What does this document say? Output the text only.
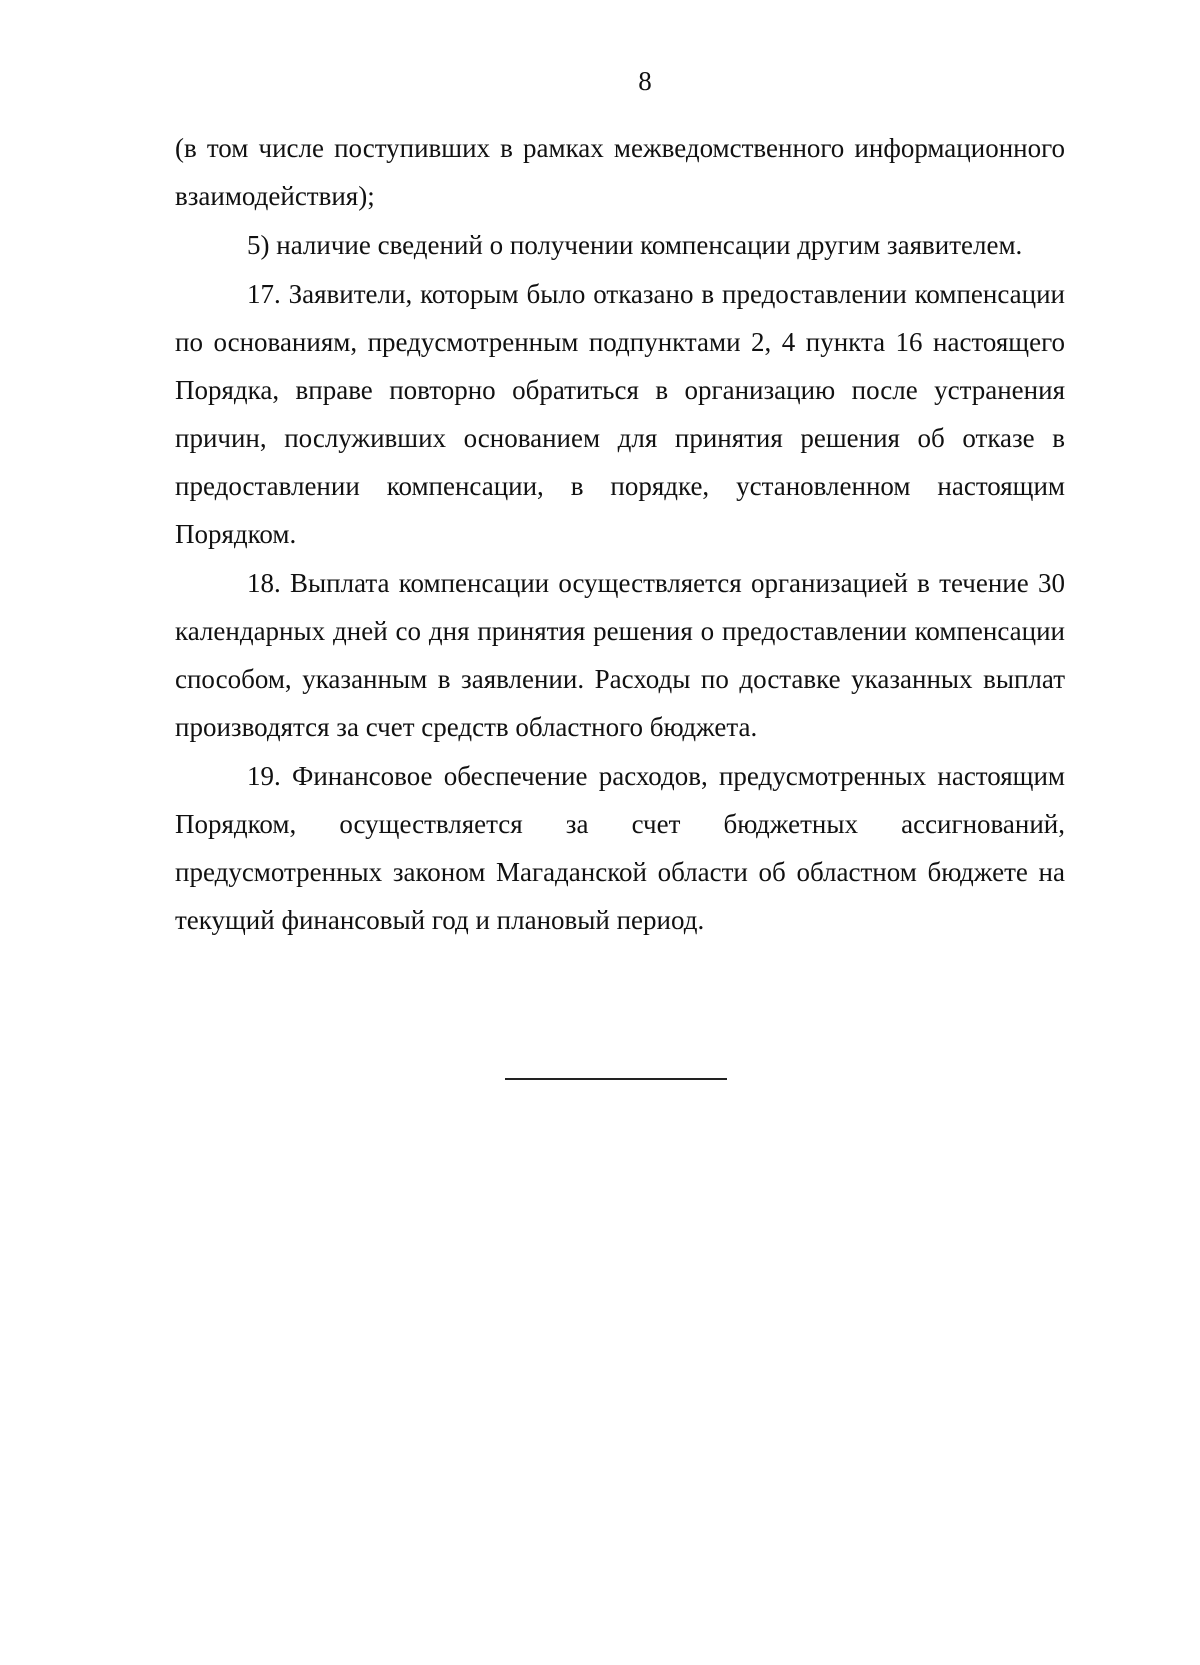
8

(в том числе поступивших в рамках межведомственного информационного взаимодействия);

5) наличие сведений о получении компенсации другим заявителем.

17. Заявители, которым было отказано в предоставлении компенсации по основаниям, предусмотренным подпунктами 2, 4 пункта 16 настоящего Порядка, вправе повторно обратиться в организацию после устранения причин, послуживших основанием для принятия решения об отказе в предоставлении компенсации, в порядке, установленном настоящим Порядком.

18. Выплата компенсации осуществляется организацией в течение 30 календарных дней со дня принятия решения о предоставлении компенсации способом, указанным в заявлении. Расходы по доставке указанных выплат производятся за счет средств областного бюджета.

19. Финансовое обеспечение расходов, предусмотренных настоящим Порядком, осуществляется за счет бюджетных ассигнований, предусмотренных законом Магаданской области об областном бюджете на текущий финансовый год и плановый период.
